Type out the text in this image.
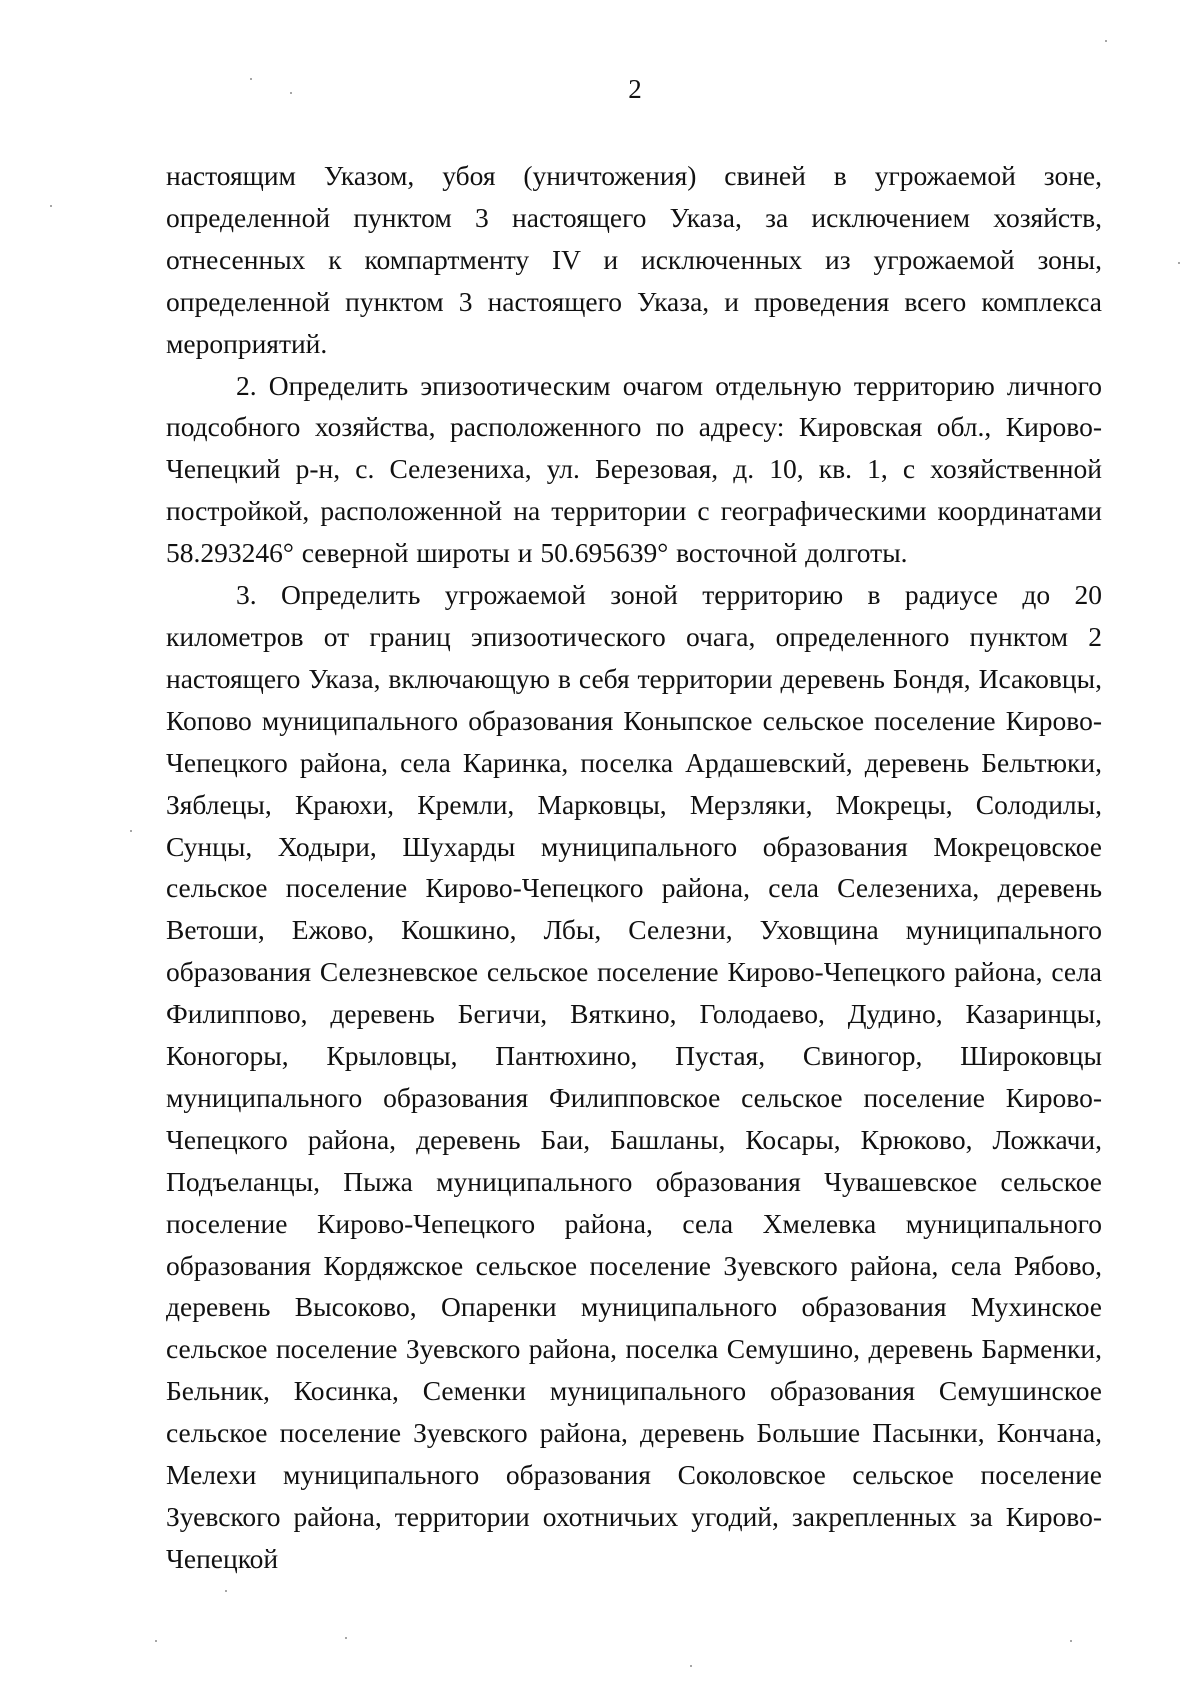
2

настоящим Указом, убоя (уничтожения) свиней в угрожаемой зоне, определенной пунктом 3 настоящего Указа, за исключением хозяйств, отнесенных к компартменту IV и исключенных из угрожаемой зоны, определенной пунктом 3 настоящего Указа, и проведения всего комплекса

мероприятий.

2. Определить эпизоотическим очагом отдельную территорию личного подсобного хозяйства, расположенного по адресу: Кировская обл., Кирово-Чепецкий р-н, с. Селезениха, ул. Березовая, д. 10, кв. 1, с хозяйственной постройкой, расположенной на территории с географическими координатами

58.293246° северной широты и 50.695639° восточной долготы.

3. Определить угрожаемой зоной территорию в радиусе до 20 километров от границ эпизоотического очага, определенного пунктом 2 настоящего Указа, включающую в себя территории деревень Бондя, Исаковцы, Копово муниципального образования Коныпское сельское поселение Кирово-Чепецкого района, села Каринка, поселка Ардашевский, деревень Бельтюки, Зяблецы, Краюхи, Кремли, Марковцы, Мерзляки, Мокрецы, Солодилы, Сунцы, Ходыри, Шухарды муниципального образования Мокрецовское сельское поселение Кирово-Чепецкого района, села Селезениха, деревень Ветоши, Ежово, Кошкино, Лбы, Селезни, Уховщина муниципального образования Селезневское сельское поселение Кирово-Чепецкого района, села Филиппово, деревень Бегичи, Вяткино, Голодаево, Дудино, Казаринцы, Коногоры, Крыловцы, Пантюхино, Пустая, Свиногор, Широковцы муниципального образования Филипповское сельское поселение Кирово-Чепецкого района, деревень Баи, Башланы, Косары, Крюково, Ложкачи, Подъеланцы, Пыжа муниципального образования Чувашевское сельское поселение Кирово-Чепецкого района, села Хмелевка муниципального образования Кордяжское сельское поселение Зуевского района, села Рябово, деревень Высоково, Опаренки муниципального образования Мухинское сельское поселение Зуевского района, поселка Семушино, деревень Барменки, Бельник, Косинка, Семенки муниципального образования Семушинское сельское поселение Зуевского района, деревень Большие Пасынки, Кончана, Мелехи муниципального образования Соколовское сельское поселение Зуевского района, территории охотничьих угодий, закрепленных за Кирово-Чепецкой
